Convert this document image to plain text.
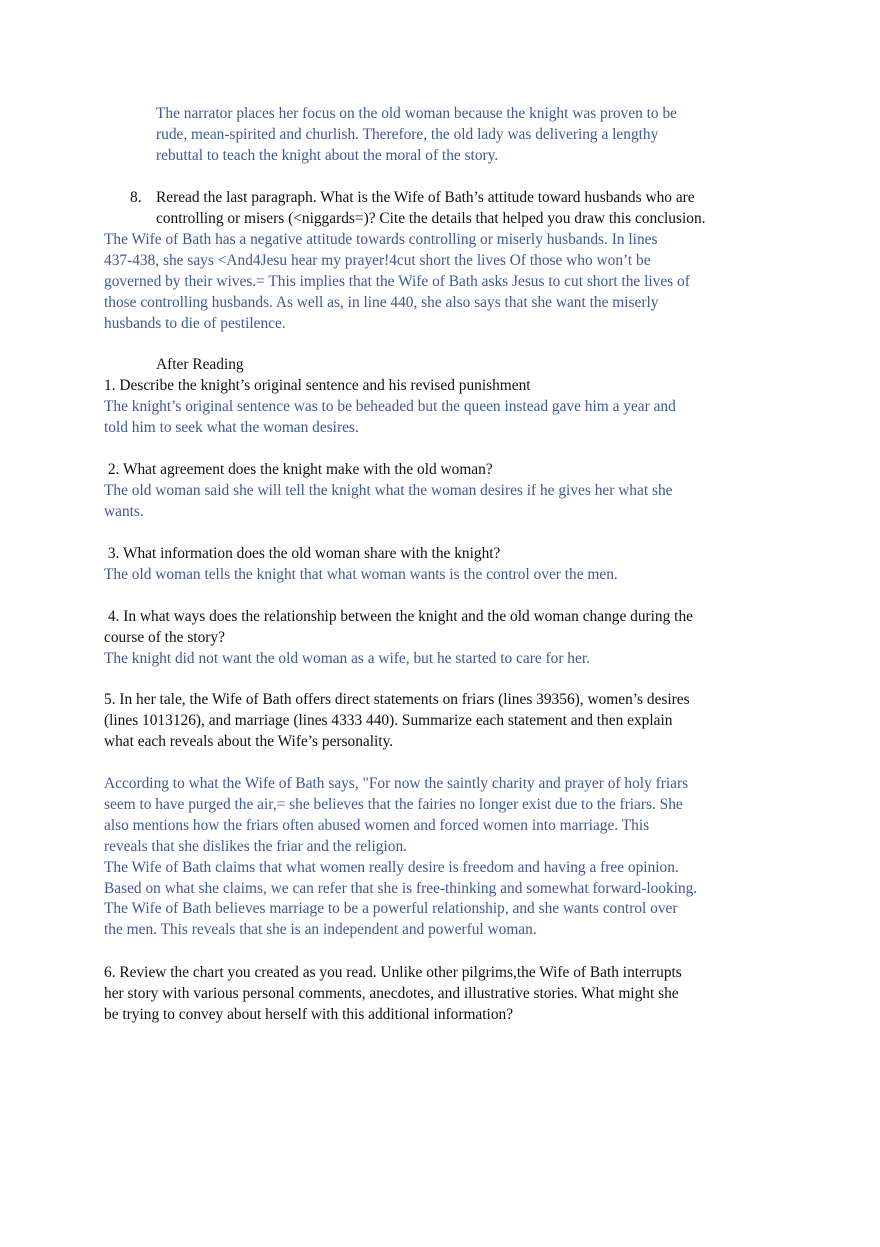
The narrator places her focus on the old woman because the knight was proven to be
rude, mean-spirited and churlish. Therefore, the old lady was delivering a lengthy
rebuttal to teach the knight about the moral of the story.
8. Reread the last paragraph. What is the Wife of Bath’s attitude toward husbands who are
controlling or misers (<niggards=)? Cite the details that helped you draw this conclusion.
The Wife of Bath has a negative attitude towards controlling or miserly husbands. In lines
437-438, she says <And4Jesu hear my prayer!4cut short the lives Of those who won’t be
governed by their wives.= This implies that the Wife of Bath asks Jesus to cut short the lives of
those controlling husbands. As well as, in line 440, she also says that she want the miserly
husbands to die of pestilence.
After Reading
1. Describe the knight’s original sentence and his revised punishment
The knight’s original sentence was to be beheaded but the queen instead gave him a year and
told him to seek what the woman desires.
2. What agreement does the knight make with the old woman?
The old woman said she will tell the knight what the woman desires if he gives her what she
wants.
3. What information does the old woman share with the knight?
The old woman tells the knight that what woman wants is the control over the men.
4. In what ways does the relationship between the knight and the old woman change during the
course of the story?
The knight did not want the old woman as a wife, but he started to care for her.
5. In her tale, the Wife of Bath offers direct statements on friars (lines 39356), women’s desires
(lines 1013126), and marriage (lines 4333 440). Summarize each statement and then explain
what each reveals about the Wife’s personality.
According to what the Wife of Bath says, "For now the saintly charity and prayer of holy friars
seem to have purged the air,= she believes that the fairies no longer exist due to the friars. She
also mentions how the friars often abused women and forced women into marriage. This
reveals that she dislikes the friar and the religion.
The Wife of Bath claims that what women really desire is freedom and having a free opinion.
Based on what she claims, we can refer that she is free-thinking and somewhat forward-looking.
The Wife of Bath believes marriage to be a powerful relationship, and she wants control over
the men. This reveals that she is an independent and powerful woman.
6. Review the chart you created as you read. Unlike other pilgrims,the Wife of Bath interrupts
her story with various personal comments, anecdotes, and illustrative stories. What might she
be trying to convey about herself with this additional information?
